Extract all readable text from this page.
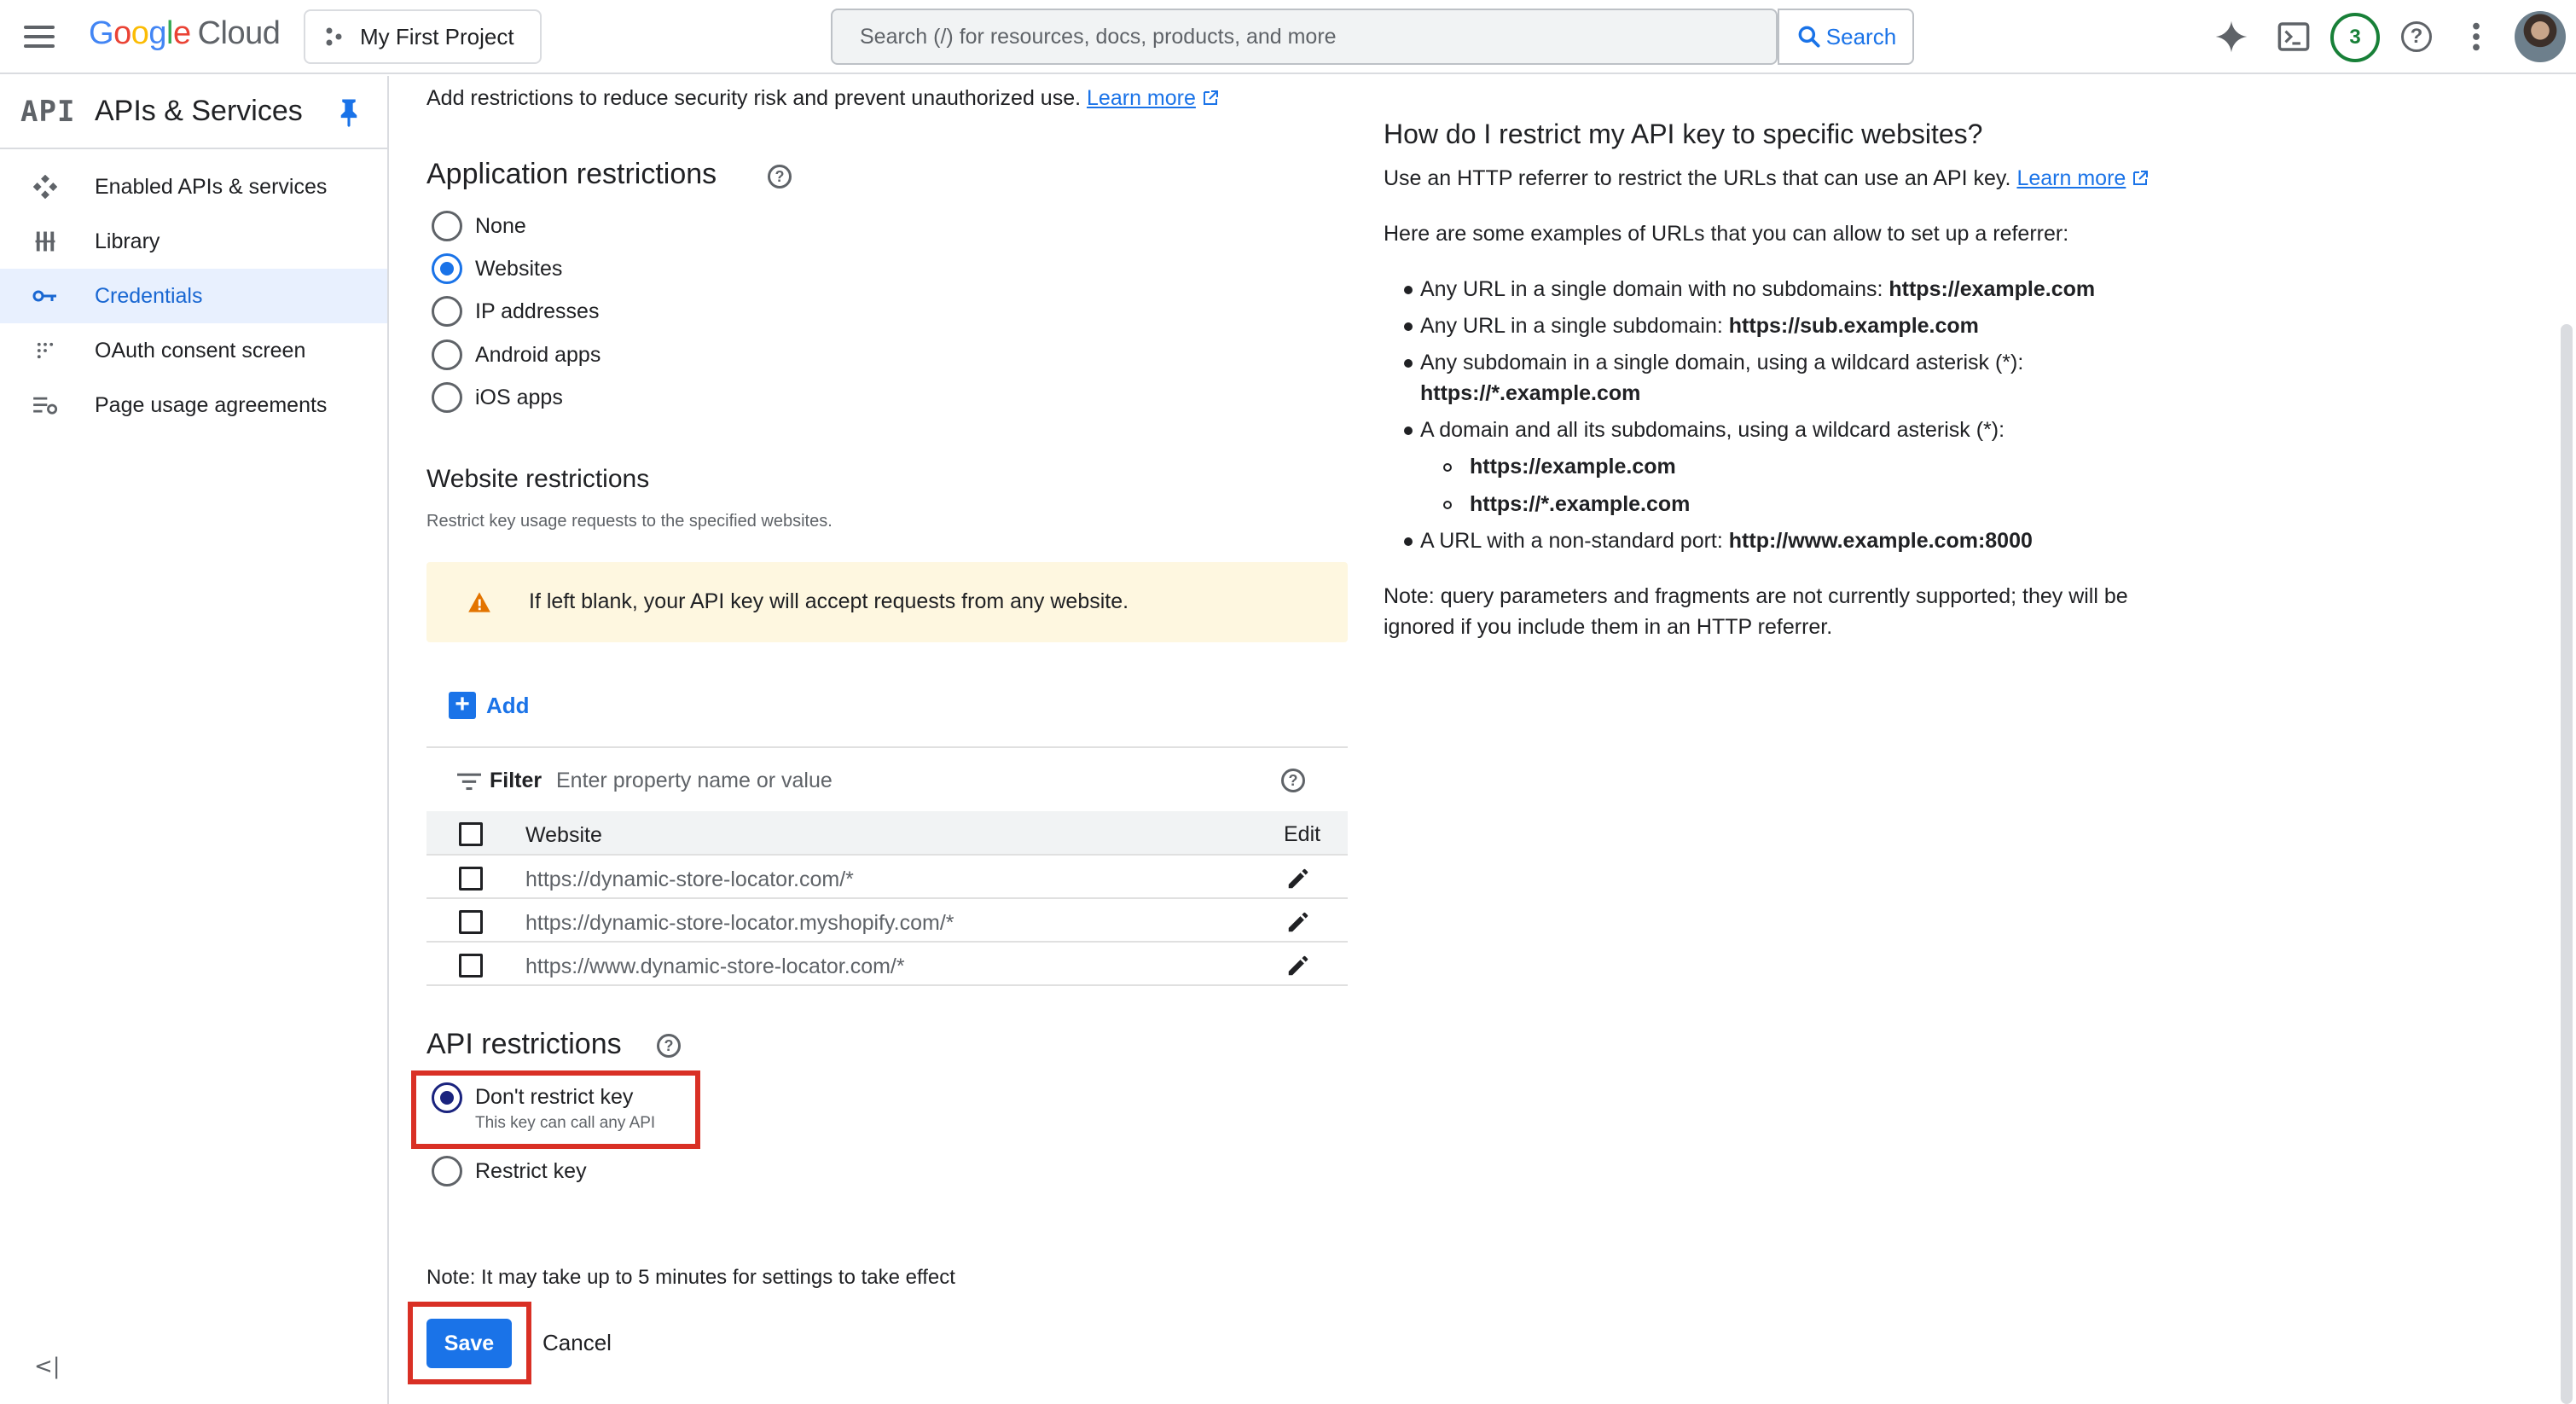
Google Cloud	My First Project
Search (/) for resources, docs, products, and more	Search	3	?
API APIs & Services
Enabled APIs & services
Library
Credentials
OAuth consent screen
Page usage agreements
<|
Add restrictions to reduce security risk and prevent unauthorized use. Learn more
Application restrictions	?
None
Websites
IP addresses
Android apps
iOS apps
Website restrictions
Restrict key usage requests to the specified websites.
If left blank, your API key will accept requests from any website.
+ Add
Filter
Enter property name or value	?
Website	Edit
https://dynamic-store-locator.com/*
https://dynamic-store-locator.myshopify.com/*
https://www.dynamic-store-locator.com/*
API restrictions	?
Don't restrict key
This key can call any API
Restrict key
Note: It may take up to 5 minutes for settings to take effect
Save	Cancel
How do I restrict my API key to specific websites?

Use an HTTP referrer to restrict the URLs that can use an API key. Learn more

Here are some examples of URLs that you can allow to set up a referrer:

Any URL in a single domain with no subdomains: https://example.com
Any URL in a single subdomain: https://sub.example.com
Any subdomain in a single domain, using a wildcard asterisk (*):
https://*.example.com
A domain and all its subdomains, using a wildcard asterisk (*):
https://example.com
https://*.example.com
A URL with a non-standard port: http://www.example.com:8000

Note: query parameters and fragments are not currently supported; they will be

ignored if you include them in an HTTP referrer.
